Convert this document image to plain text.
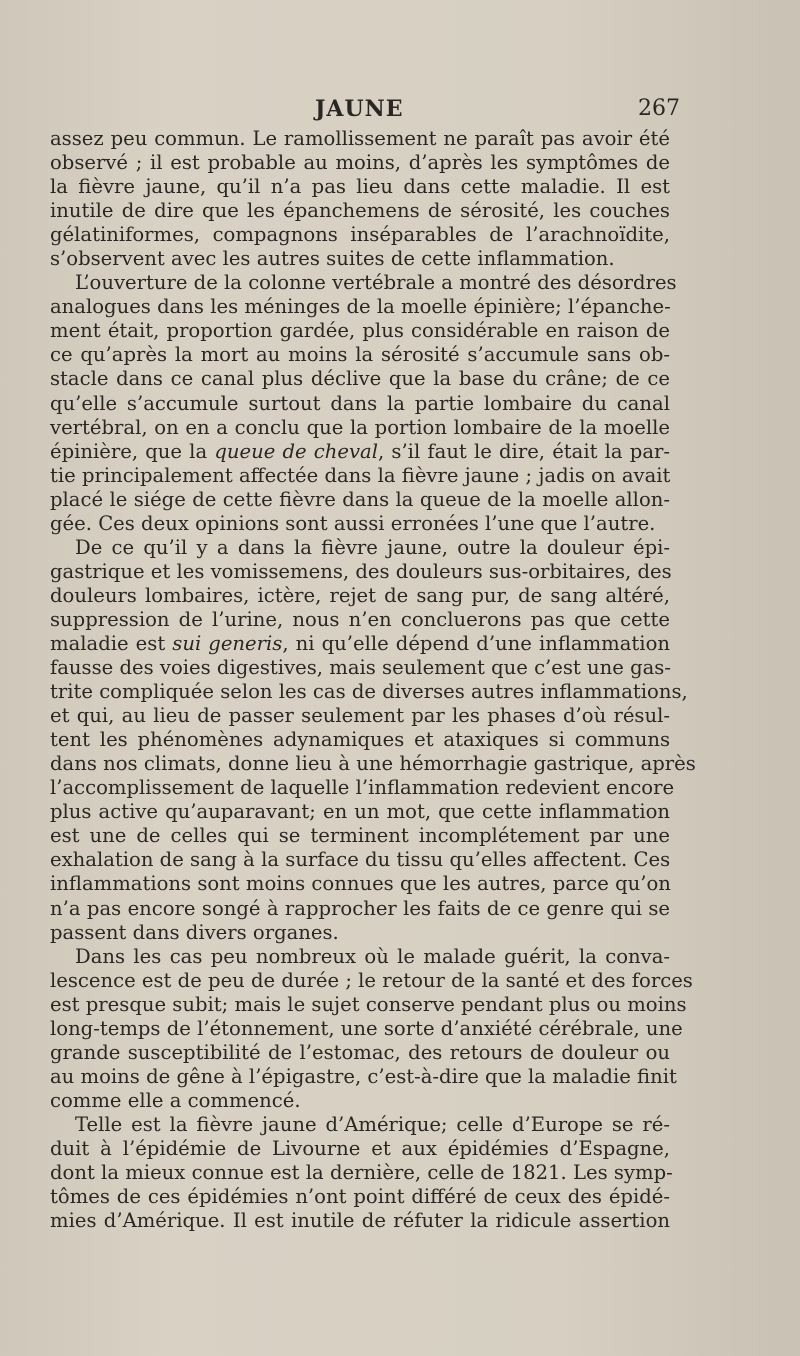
JAUNE	267
assez peu commun. Le ramollissement ne paraît pas avoir été
observé ; il est probable au moins, d’après les symptômes de
la fièvre jaune, qu’il n’a pas lieu dans cette maladie. Il est
inutile de dire que les épanchemens de sérosité, les couches
gélatiniformes, compagnons inséparables de l’arachnoïdite,
s’observent avec les autres suites de cette inflammation.
L’ouverture de la colonne vertébrale a montré des désordres
analogues dans les méninges de la moelle épinière; l’épanche-
ment était, proportion gardée, plus considérable en raison de
ce qu’après la mort au moins la sérosité s’accumule sans ob-
stacle dans ce canal plus déclive que la base du crâne; de ce
qu’elle s’accumule surtout dans la partie lombaire du canal
vertébral, on en a conclu que la portion lombaire de la moelle
épinière, que la queue de cheval, s’il faut le dire, était la par-
tie principalement affectée dans la fièvre jaune ; jadis on avait
placé le siége de cette fièvre dans la queue de la moelle allon-
gée. Ces deux opinions sont aussi erronées l’une que l’autre.
De ce qu’il y a dans la fièvre jaune, outre la douleur épi-
gastrique et les vomissemens, des douleurs sus-orbitaires, des
douleurs lombaires, ictère, rejet de sang pur, de sang altéré,
suppression de l’urine, nous n’en concluerons pas que cette
maladie est sui generis, ni qu’elle dépend d’une inflammation
fausse des voies digestives, mais seulement que c’est une gas-
trite compliquée selon les cas de diverses autres inflammations,
et qui, au lieu de passer seulement par les phases d’où résul-
tent les phénomènes adynamiques et ataxiques si communs
dans nos climats, donne lieu à une hémorrhagie gastrique, après
l’accomplissement de laquelle l’inflammation redevient encore
plus active qu’auparavant; en un mot, que cette inflammation
est une de celles qui se terminent incomplétement par une
exhalation de sang à la surface du tissu qu’elles affectent. Ces
inflammations sont moins connues que les autres, parce qu’on
n’a pas encore songé à rapprocher les faits de ce genre qui se
passent dans divers organes.
Dans les cas peu nombreux où le malade guérit, la conva-
lescence est de peu de durée ; le retour de la santé et des forces
est presque subit; mais le sujet conserve pendant plus ou moins
long-temps de l’étonnement, une sorte d’anxiété cérébrale, une
grande susceptibilité de l’estomac, des retours de douleur ou
au moins de gêne à l’épigastre, c’est-à-dire que la maladie finit
comme elle a commencé.
Telle est la fièvre jaune d’Amérique; celle d’Europe se ré-
duit à l’épidémie de Livourne et aux épidémies d’Espagne,
dont la mieux connue est la dernière, celle de 1821. Les symp-
tômes de ces épidémies n’ont point différé de ceux des épidé-
mies d’Amérique. Il est inutile de réfuter la ridicule assertion
